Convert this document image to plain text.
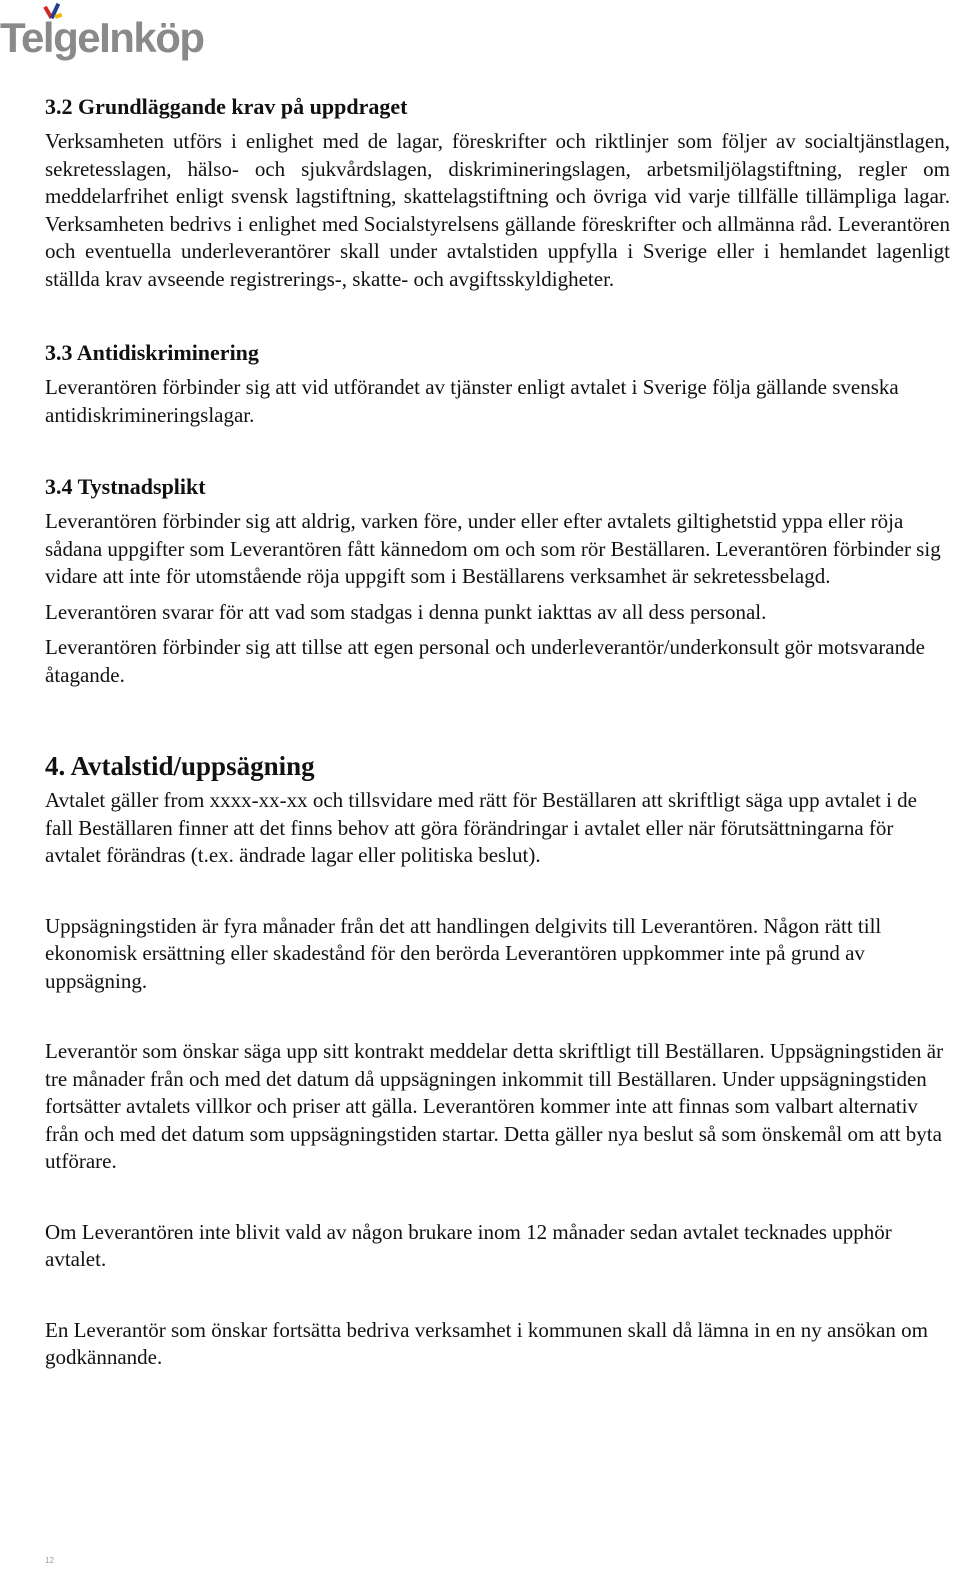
TelgeInköp
3.2 Grundläggande krav på uppdraget

Verksamheten utförs i enlighet med de lagar, föreskrifter och riktlinjer som följer av socialtjänstlagen, sekretesslagen, hälso- och sjukvårdslagen, diskrimineringslagen, arbetsmiljölagstiftning, regler om meddelarfrihet enligt svensk lagstiftning, skattelagstiftning och övriga vid varje tillfälle tillämpliga lagar. Verksamheten bedrivs i enlighet med Socialstyrelsens gällande föreskrifter och allmänna råd. Leverantören och eventuella underleverantörer skall under avtalstiden uppfylla i Sverige eller i hemlandet lagenligt ställda krav avseende registrerings-, skatte- och avgiftsskyldigheter.

3.3 Antidiskriminering

Leverantören förbinder sig att vid utförandet av tjänster enligt avtalet i Sverige följa gällande svenska antidiskrimineringslagar.

3.4 Tystnadsplikt

Leverantören förbinder sig att aldrig, varken före, under eller efter avtalets giltighetstid yppa eller röja sådana uppgifter som Leverantören fått kännedom om och som rör Beställaren. Leverantören förbinder sig vidare att inte för utomstående röja uppgift som i Beställarens verksamhet är sekretessbelagd.

Leverantören svarar för att vad som stadgas i denna punkt iakttas av all dess personal.

Leverantören förbinder sig att tillse att egen personal och underleverantör/underkonsult gör motsvarande åtagande.

4. Avtalstid/uppsägning

Avtalet gäller from xxxx-xx-xx och tillsvidare med rätt för Beställaren att skriftligt säga upp avtalet i de fall Beställaren finner att det finns behov att göra förändringar i avtalet eller när förutsättningarna för avtalet förändras (t.ex. ändrade lagar eller politiska beslut).

Uppsägningstiden är fyra månader från det att handlingen delgivits till Leverantören. Någon rätt till ekonomisk ersättning eller skadestånd för den berörda Leverantören uppkommer inte på grund av uppsägning.

Leverantör som önskar säga upp sitt kontrakt meddelar detta skriftligt till Beställaren. Uppsägningstiden är tre månader från och med det datum då uppsägningen inkommit till Beställaren. Under uppsägningstiden fortsätter avtalets villkor och priser att gälla. Leverantören kommer inte att finnas som valbart alternativ från och med det datum som uppsägningstiden startar. Detta gäller nya beslut så som önskemål om att byta utförare.

Om Leverantören inte blivit vald av någon brukare inom 12 månader sedan avtalet tecknades upphör avtalet.

En Leverantör som önskar fortsätta bedriva verksamhet i kommunen skall då lämna in en ny ansökan om godkännande.

12
